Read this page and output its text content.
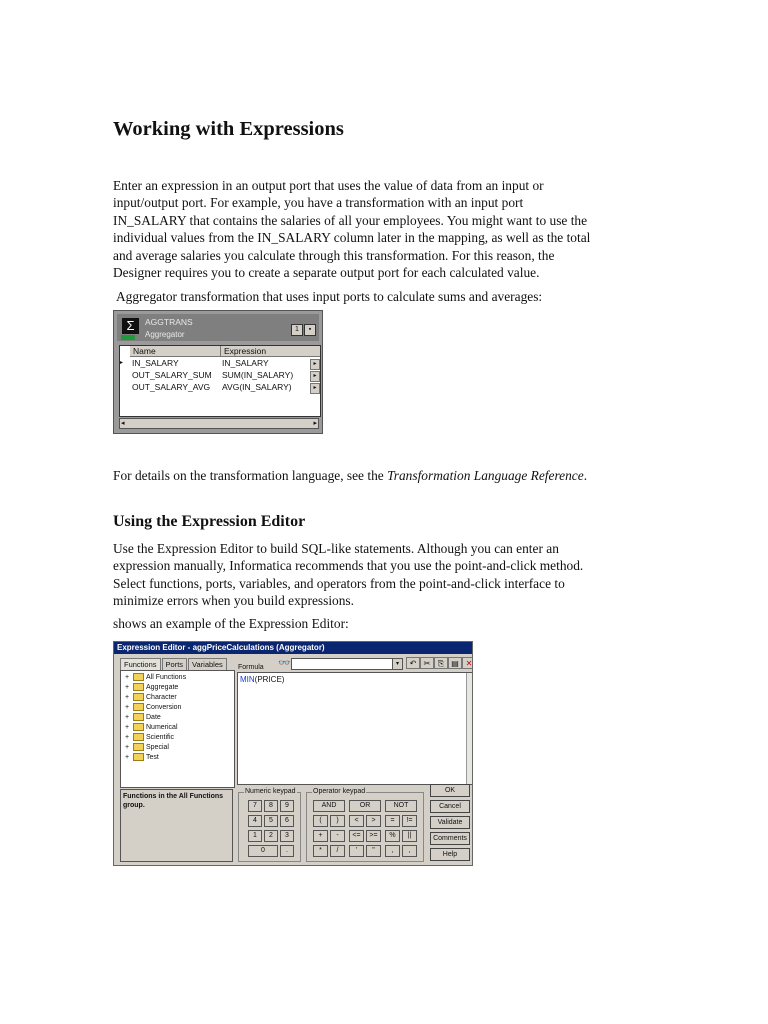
Working with Expressions

Enter an expression in an output port that uses the value of data from an input or
input/output port. For example, you have a transformation with an input port
IN_SALARY that contains the salaries of all your employees. You might want to use the
individual values from the IN_SALARY column later in the mapping, as well as the total
and average salaries you calculate through this transformation. For this reason, the
Designer requires you to create a separate output port for each calculated value.

Aggregator transformation that uses input ports to calculate sums and averages:

Σ	AGGTRANS
Aggregator
1 ▪
Name	Expression
▸ IN_SALARY	IN_SALARY	▸
OUT_SALARY_SUM SUM(IN_SALARY)	▸
OUT_SALARY_AVG AVG(IN_SALARY)	▸
◂	▸

For details on the transformation language, see the Transformation Language Reference.

Using the Expression Editor

Use the Expression Editor to build SQL-like statements. Although you can enter an
expression manually, Informatica recommends that you use the point-and-click method.
Select functions, ports, variables, and operators from the point-and-click interface to
minimize errors when you build expressions.

shows an example of the Expression Editor:

Expression Editor - aggPriceCalculations (Aggregator)
Functions Ports Variables
+ All Functions
+ Aggregate
+ Character
+ Conversion
+ Date
+ Numerical
+ Scientific
+ Special
+ Test
Functions in the All Functions group.
Formula 👓	▾	↶ ✂ ⎘ ▤ ✕
MIN(PRICE)
Numeric keypad
7	8	9
4	5	6
1	2	3
0	.
Operator keypad
AND	OR	NOT
(	)	<	>	=	!=
+	-	<=	>=	%	||
*	/	'	"	,	,
OK
Cancel
Validate
Comments
Help
